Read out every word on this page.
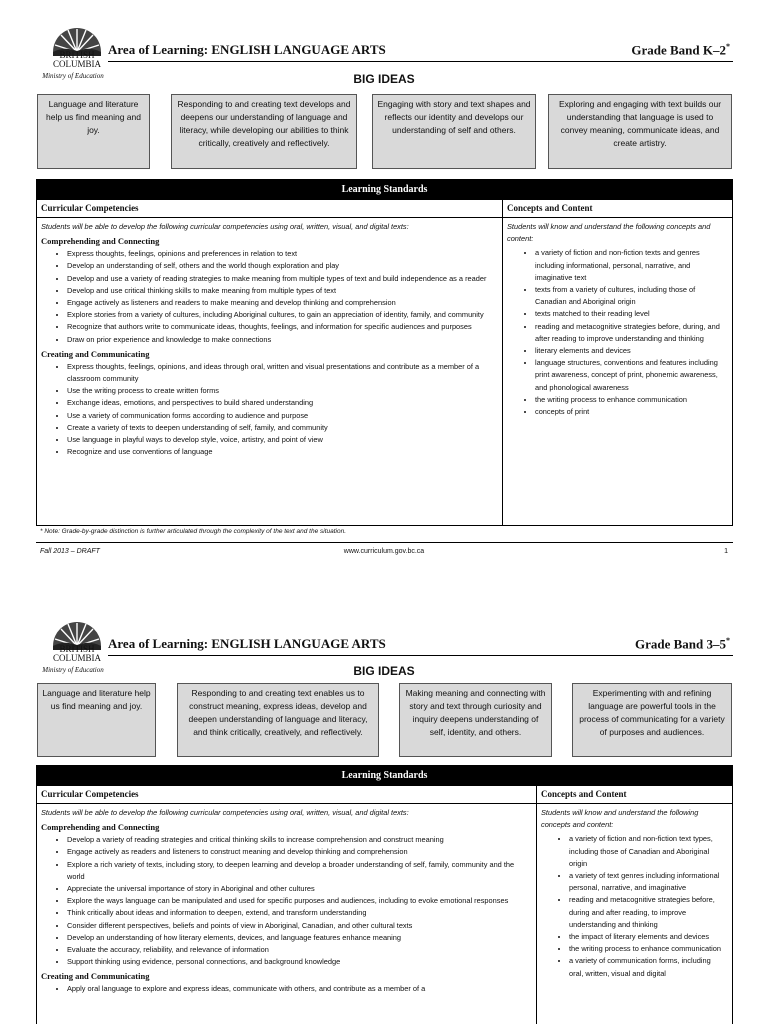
BRITISH
COLUMBIA
Ministry of Education
Area of Learning: ENGLISH LANGUAGE ARTS	Grade Band K–2*
BIG IDEAS
Language and literature help us find meaning and joy.
Responding to and creating text develops and deepens our understanding of language and literacy, while developing our abilities to think critically, creatively and reflectively.
Engaging with story and text shapes and reflects our identity and develops our understanding of self and others.
Exploring and engaging with text builds our understanding that language is used to convey meaning, communicate ideas, and create artistry.
Learning Standards
Curricular Competencies	Concepts and Content
Students will be able to develop the following curricular competencies using oral, written, visual, and digital texts:
Comprehending and Connecting
• Express thoughts, feelings, opinions and preferences in relation to text
• Develop an understanding of self, others and the world though exploration and play
• Develop and use a variety of reading strategies to make meaning from multiple types of text and build independence as a reader
• Develop and use critical thinking skills to make meaning from multiple types of text
• Engage actively as listeners and readers to make meaning and develop thinking and comprehension
• Explore stories from a variety of cultures, including Aboriginal cultures, to gain an appreciation of identity, family, and community
• Recognize that authors write to communicate ideas, thoughts, feelings, and information for specific audiences and purposes
• Draw on prior experience and knowledge to make connections
Creating and Communicating
• Express thoughts, feelings, opinions, and ideas through oral, written and visual presentations and contribute as a member of a classroom community
• Use the writing process to create written forms
• Exchange ideas, emotions, and perspectives to build shared understanding
• Use a variety of communication forms according to audience and purpose
• Create a variety of texts to deepen understanding of self, family, and community
• Use language in playful ways to develop style, voice, artistry, and point of view
• Recognize and use conventions of language
Students will know and understand the following concepts and content:
• a variety of fiction and non-fiction texts and genres including informational, personal, narrative, and imaginative text
• texts from a variety of cultures, including those of Canadian and Aboriginal origin
• texts matched to their reading level
• reading and metacognitive strategies before, during, and after reading to improve understanding and thinking
• literary elements and devices
• language structures, conventions and features including print awareness, concept of print, phonemic awareness, and phonological awareness
• the writing process to enhance communication
• concepts of print
* Note: Grade-by-grade distinction is further articulated through the complexity of the text and the situation.
Fall 2013 – DRAFT	www.curriculum.gov.bc.ca	1
BRITISH
COLUMBIA
Ministry of Education
Area of Learning: ENGLISH LANGUAGE ARTS	Grade Band 3–5*
BIG IDEAS
Language and literature help us find meaning and joy.
Responding to and creating text enables us to construct meaning, express ideas, develop and deepen understanding of language and literacy, and think critically, creatively, and reflectively.
Making meaning and connecting with story and text through curiosity and inquiry deepens understanding of self, identity, and others.
Experimenting with and refining language are powerful tools in the process of communicating for a variety of purposes and audiences.
Learning Standards
Curricular Competencies	Concepts and Content
Students will be able to develop the following curricular competencies using oral, written, visual, and digital texts:
Comprehending and Connecting
• Develop a variety of reading strategies and critical thinking skills to increase comprehension and construct meaning
• Engage actively as readers and listeners to construct meaning and develop thinking and comprehension
• Explore a rich variety of texts, including story, to deepen learning and develop a broader understanding of self, family, community and the world
• Appreciate the universal importance of story in Aboriginal and other cultures
• Explore the ways language can be manipulated and used for specific purposes and audiences, including to evoke emotional responses
• Think critically about ideas and information to deepen, extend, and transform understanding
• Consider different perspectives, beliefs and points of view in Aboriginal, Canadian, and other cultural texts
• Develop an understanding of how literary elements, devices, and language features enhance meaning
• Evaluate the accuracy, reliability, and relevance of information
• Support thinking using evidence, personal connections, and background knowledge
Creating and Communicating
• Apply oral language to explore and express ideas, communicate with others, and contribute as a member of a
Students will know and understand the following concepts and content:
• a variety of fiction and non-fiction text types, including those of Canadian and Aboriginal origin
• a variety of text genres including informational personal, narrative, and imaginative
• reading and metacognitive strategies before, during and after reading, to improve understanding and thinking
• the impact of literary elements and devices
• the writing process to enhance communication
• a variety of communication forms, including oral, written, visual and digital
